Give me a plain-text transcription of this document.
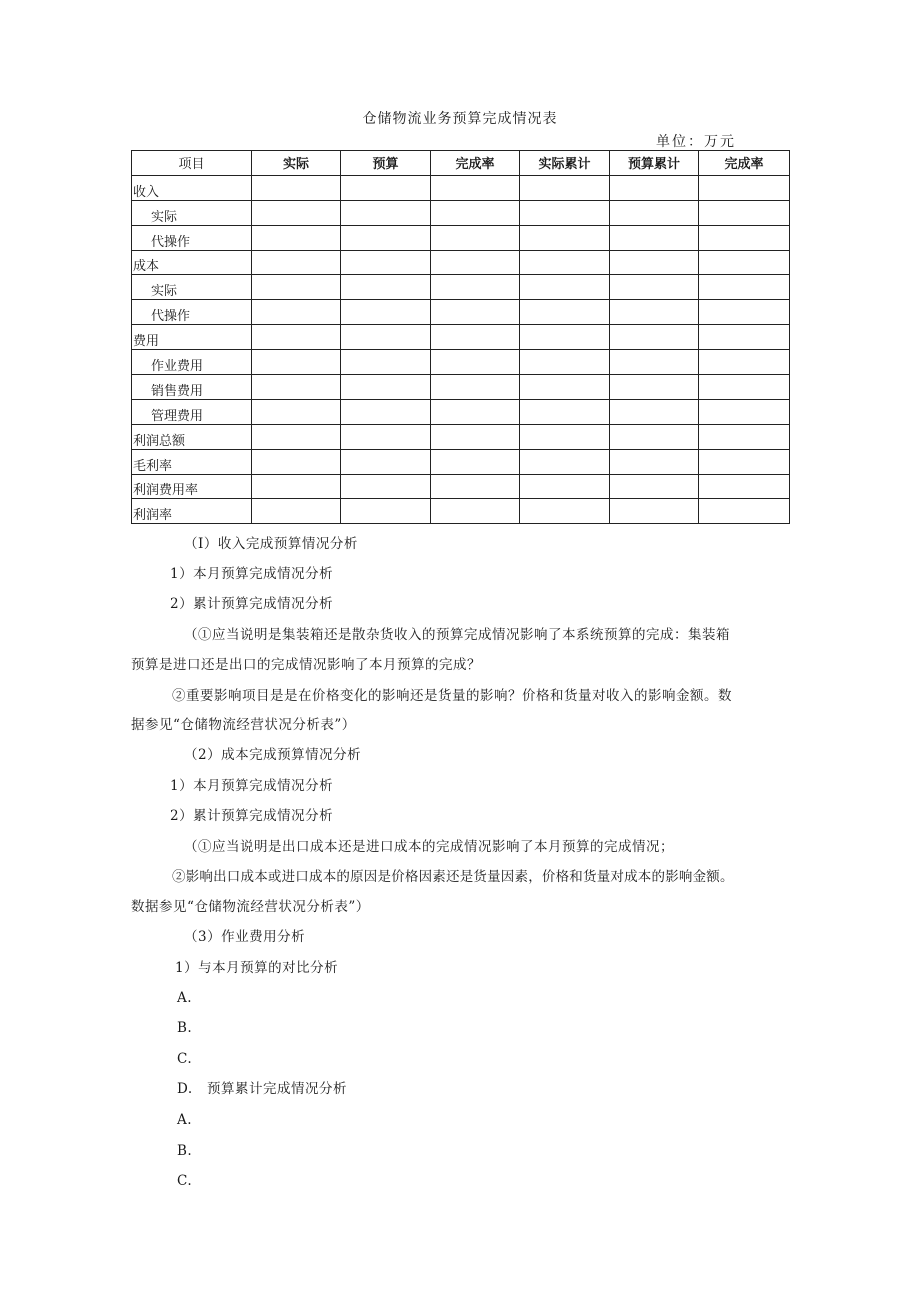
仓储物流业务预算完成情况表
单位：万元
项目	实际	预算	完成率	实际累计	预算累计	完成率
收入						
实际						
代操作						
成本						
实际						
代操作						
费用						
作业费用						
销售费用						
管理费用						
利润总额						
毛利率						
利润费用率						
利润率						
（I）收入完成预算情况分析
1）本月预算完成情况分析
2）累计预算完成情况分析
（①应当说明是集装箱还是散杂货收入的预算完成情况影响了本系统预算的完成：集装箱
预算是进口还是出口的完成情况影响了本月预算的完成？
②重要影响项目是是在价格变化的影响还是货量的影响？价格和货量对收入的影响金额。数
据参见“仓储物流经营状况分析表”）
（2）成本完成预算情况分析
1）本月预算完成情况分析
2）累计预算完成情况分析
（①应当说明是出口成本还是进口成本的完成情况影响了本月预算的完成情况；
②影响出口成本或进口成本的原因是价格因素还是货量因素，价格和货量对成本的影响金额。
数据参见“仓储物流经营状况分析表”）
（3）作业费用分析
1）与本月预算的对比分析
A.
B.
C.
D.   预算累计完成情况分析
A.
B.
C.
